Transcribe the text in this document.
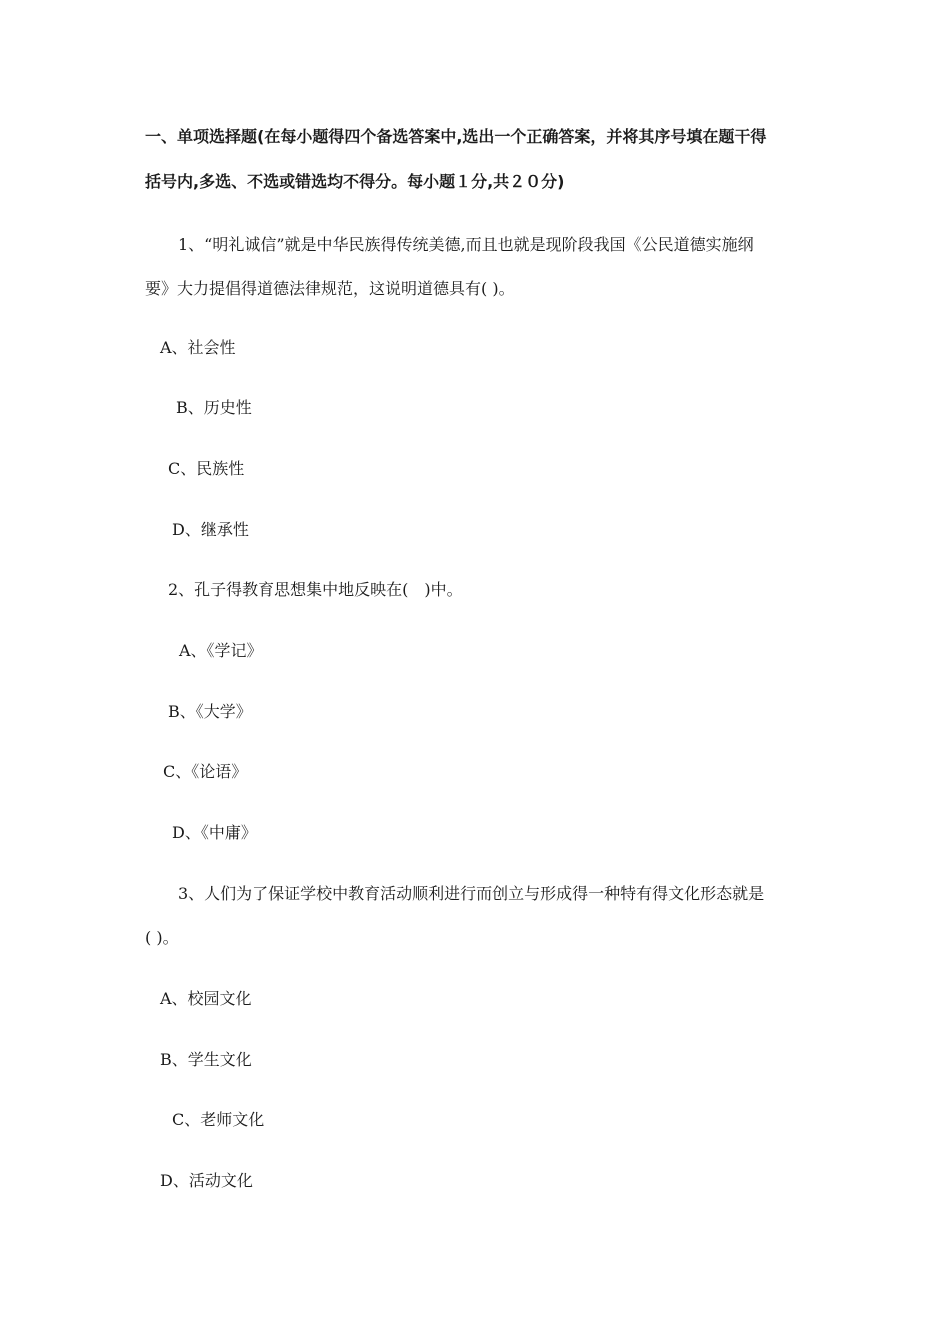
一、单项选择题(在每小题得四个备选答案中,选出一个正确答案，并将其序号填在题干得
括号内,多选、不选或错选均不得分。每小题１分,共２０分)
1、“明礼诚信”就是中华民族得传统美德,而且也就是现阶段我国《公民道德实施纲
要》大力提倡得道德法律规范，这说明道德具有( )。
A、社会性
B、历史性
C、民族性
D、继承性
2、孔子得教育思想集中地反映在(　)中。
A、《学记》
B、《大学》
C、《论语》
D、《中庸》
3、人们为了保证学校中教育活动顺利进行而创立与形成得一种特有得文化形态就是
( )。
A、校园文化
B、学生文化
C、老师文化
D、活动文化
